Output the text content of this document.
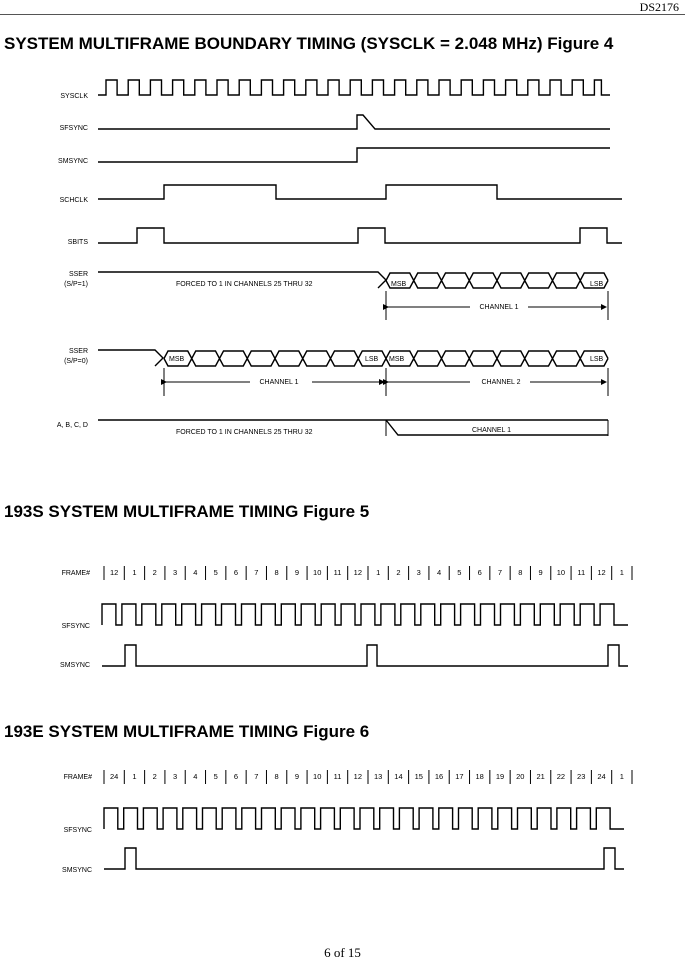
DS2176
SYSTEM MULTIFRAME BOUNDARY TIMING (SYSCLK = 2.048 MHz) Figure 4
193S SYSTEM MULTIFRAME TIMING Figure 5
193E SYSTEM MULTIFRAME TIMING Figure 6
SYSCLK
SFSYNC
SMSYNC
SCHCLK
SBITS
SSER
(S/P=1)
SSER
(S/P=0)
A, B, C, D
FORCED TO 1 IN CHANNELS 25 THRU 32	MSB	LSB
CHANNEL 1
MSB	LSB MSB	LSB
CHANNEL 1	CHANNEL 2
FORCED TO 1 IN CHANNELS 25 THRU 32	CHANNEL 1
FRAME#
SFSYNC
SMSYNC
12 1 2 3 4 5 6 7 8 9 10 11 12 1 2 3 4 5 6 7 8 9 10 11 12 1
FRAME#
SFSYNC
SMSYNC
24 1 2 3 4 5 6 7 8 9 10 11 12 13 14 15 16 17 18 19 20 21 22 23 24 1
6 of 15
